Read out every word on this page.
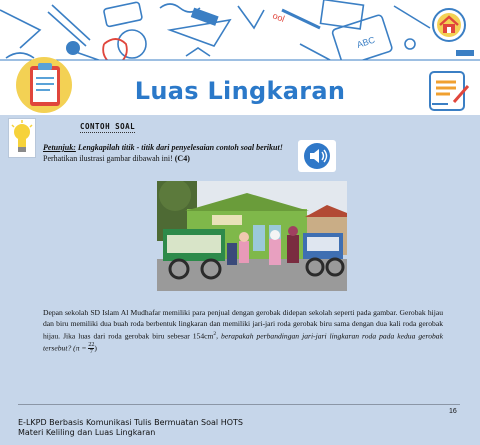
ABC
ool
Luas Lingkaran
CONTOH SOAL
Petunjuk: Lengkapilah titik - titik dari penyelesaian contoh soal berikut!
Perhatikan ilustrasi gambar dibawah ini! (C4)
Depan sekolah SD Islam Al Mudhafar memiliki para penjual dengan gerobak didepan sekolah seperti pada gambar. Gerobak hijau dan biru memiliki dua buah roda berbentuk lingkaran dan memiliki jari-jari roda gerobak biru sama dengan dua kali roda gerobak hijau. Jika luas dari roda gerobak biru sebesar $154cm^2$, berapakah perbandingan jari-jari lingkaran roda pada kedua gerobak tersebut? ($\pi = \frac{22}{7}$ )
16
E-LKPD Berbasis Komunikasi Tulis Bermuatan Soal HOTS
Materi Keliling dan Luas Lingkaran
